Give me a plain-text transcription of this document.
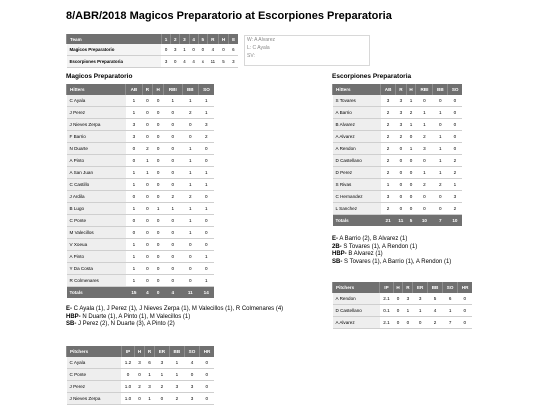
8/ABR/2018 Magicos Preparatorio at Escorpiones Preparatoria
Team	1	2	3	4	5	R	H	E
Magicos Preparatorio	0	3	1	0	0	4	0	6
Escorpiones Preparatoria	3	0	4	4	x	11	5	3
W: A Alvarez
L: C Ayala
SV:
Magicos Preparatorio
Hitters	AB	R	H	RBI	BB	SO
C Ayala	1	0	0	1	1	1
J Perez	1	0	0	0	2	1
J Nieves Zerpa	3	0	0	0	0	3
F Barrio	3	0	0	0	0	2
N Duarte	0	2	0	0	1	0
A Pinto	0	1	0	0	1	0
A San Juan	1	1	0	0	1	1
C Castillo	1	0	0	0	1	1
J Ardila	0	0	0	2	2	0
B Lugo	1	0	1	1	1	1
C Ponte	0	0	0	0	1	0
M Valecillos	0	0	0	0	1	0
V Xoeua	1	0	0	0	0	0
A Pinto	1	0	0	0	0	1
Y Da Costa	1	0	0	0	0	0
R Colmenares	1	0	0	0	0	1
Totals	15	4	0	4	11	14
E- C Ayala (1), J Perez (1), J Nieves Zerpa (1), M Valecillos (1), R Colmenares (4)
HBP- N Duarte (1), A Pinto (1), M Valecillos (1)
SB- J Perez (2), N Duarte (3), A Pinto (2)
Pitchers	IP	H	R	ER	BB	SO	HR
C Ayala	1.2	3	6	3	1	4	0
C Ponte	0	0	1	1	1	0	0
J Perez	1.0	2	3	2	3	3	0
J Nieves Zerpa	1.0	0	1	0	2	3	0
Escorpiones Preparatoria
Hitters	AB	R	H	RBI	BB	SO
S Tovares	3	3	1	0	0	0
A Barrio	2	3	2	1	1	0
B Alvarez	2	3	1	1	0	0
A Alvarez	2	2	0	2	1	0
A Rendon	2	0	1	3	1	0
D Castellano	2	0	0	0	1	2
D Perez	2	0	0	1	1	2
S Rivas	1	0	0	2	2	1
C Hernandez	3	0	0	0	0	3
L Sanchez	2	0	0	0	0	2
Totals	21	11	5	10	7	10
E- A Barrio (2), B Alvarez (1)
2B- S Tovares (1), A Rendon (1)
HBP- B Alvarez (1)
SB- S Tovares (1), A Barrio (1), A Rendon (1)
Pitchers	IP	H	R	ER	BB	SO	HR
A Rendon	2.1	0	3	3	5	6	0
D Castellano	0.1	0	1	1	4	1	0
A Alvarez	2.1	0	0	0	2	7	0
